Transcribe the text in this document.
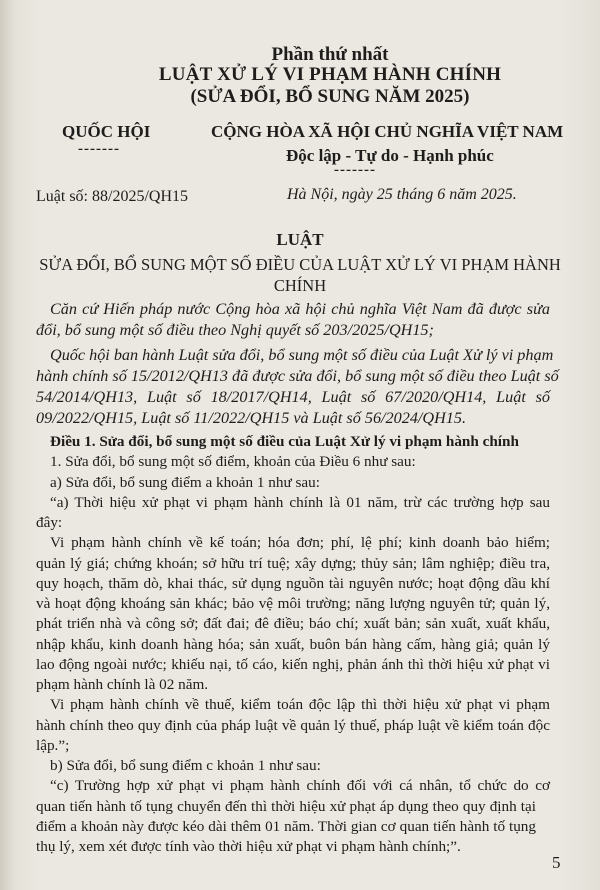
Phần thứ nhất
LUẬT XỬ LÝ VI PHẠM HÀNH CHÍNH
(SỬA ĐỔI, BỔ SUNG NĂM 2025)
QUỐC HỘI
-------
CỘNG HÒA XÃ HỘI CHỦ NGHĨA VIỆT NAM
Độc lập - Tự do - Hạnh phúc
-------
Luật số: 88/2025/QH15	Hà Nội, ngày 25 tháng 6 năm 2025.
LUẬT
SỬA ĐỔI, BỔ SUNG MỘT SỐ ĐIỀU CỦA LUẬT XỬ LÝ VI PHẠM HÀNH
CHÍNH
Căn cứ Hiến pháp nước Cộng hòa xã hội chủ nghĩa Việt Nam đã được sửa
đổi, bổ sung một số điều theo Nghị quyết số 203/2025/QH15;
Quốc hội ban hành Luật sửa đổi, bổ sung một số điều của Luật Xử lý vi phạm
hành chính số 15/2012/QH13 đã được sửa đổi, bổ sung một số điều theo Luật số
54/2014/QH13, Luật số 18/2017/QH14, Luật số 67/2020/QH14, Luật số
09/2022/QH15, Luật số 11/2022/QH15 và Luật số 56/2024/QH15.
Điều 1. Sửa đổi, bổ sung một số điều của Luật Xử lý vi phạm hành chính
1. Sửa đổi, bổ sung một số điểm, khoản của Điều 6 như sau:
a) Sửa đổi, bổ sung điểm a khoản 1 như sau:
“a) Thời hiệu xử phạt vi phạm hành chính là 01 năm, trừ các trường hợp sau
đây:
Vi phạm hành chính về kế toán; hóa đơn; phí, lệ phí; kinh doanh bảo hiểm;
quản lý giá; chứng khoán; sở hữu trí tuệ; xây dựng; thủy sản; lâm nghiệp; điều tra,
quy hoạch, thăm dò, khai thác, sử dụng nguồn tài nguyên nước; hoạt động dầu khí
và hoạt động khoáng sản khác; bảo vệ môi trường; năng lượng nguyên tử; quản lý,
phát triển nhà và công sở; đất đai; đê điều; báo chí; xuất bản; sản xuất, xuất khẩu,
nhập khẩu, kinh doanh hàng hóa; sản xuất, buôn bán hàng cấm, hàng giả; quản lý
lao động ngoài nước; khiếu nại, tố cáo, kiến nghị, phản ánh thì thời hiệu xử phạt vi
phạm hành chính là 02 năm.
Vi phạm hành chính về thuế, kiểm toán độc lập thì thời hiệu xử phạt vi phạm
hành chính theo quy định của pháp luật về quản lý thuế, pháp luật về kiểm toán độc
lập.”;
b) Sửa đổi, bổ sung điểm c khoản 1 như sau:
“c) Trường hợp xử phạt vi phạm hành chính đối với cá nhân, tổ chức do cơ
quan tiến hành tố tụng chuyển đến thì thời hiệu xử phạt áp dụng theo quy định tại
điểm a khoản này được kéo dài thêm 01 năm. Thời gian cơ quan tiến hành tố tụng
thụ lý, xem xét được tính vào thời hiệu xử phạt vi phạm hành chính;”.
5
